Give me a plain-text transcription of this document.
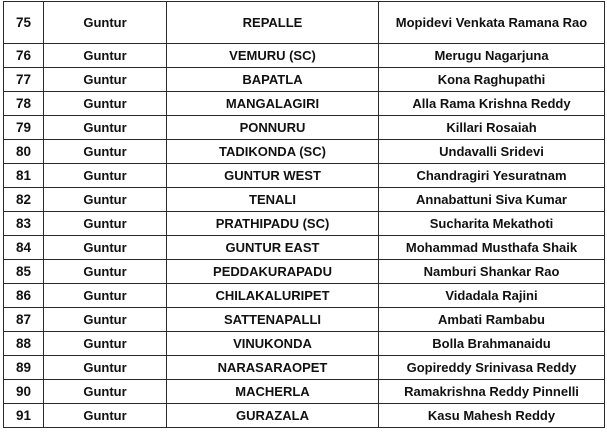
75	Guntur	REPALLE	Mopidevi Venkata Ramana Rao
76	Guntur	VEMURU (SC)	Merugu Nagarjuna
77	Guntur	BAPATLA	Kona Raghupathi
78	Guntur	MANGALAGIRI	Alla Rama Krishna Reddy
79	Guntur	PONNURU	Killari Rosaiah
80	Guntur	TADIKONDA (SC)	Undavalli Sridevi
81	Guntur	GUNTUR WEST	Chandragiri Yesuratnam
82	Guntur	TENALI	Annabattuni Siva Kumar
83	Guntur	PRATHIPADU (SC)	Sucharita Mekathoti
84	Guntur	GUNTUR EAST	Mohammad Musthafa Shaik
85	Guntur	PEDDAKURAPADU	Namburi Shankar Rao
86	Guntur	CHILAKALURIPET	Vidadala Rajini
87	Guntur	SATTENAPALLI	Ambati Rambabu
88	Guntur	VINUKONDA	Bolla Brahmanaidu
89	Guntur	NARASARAOPET	Gopireddy Srinivasa Reddy
90	Guntur	MACHERLA	Ramakrishna Reddy Pinnelli
91	Guntur	GURAZALA	Kasu Mahesh Reddy
